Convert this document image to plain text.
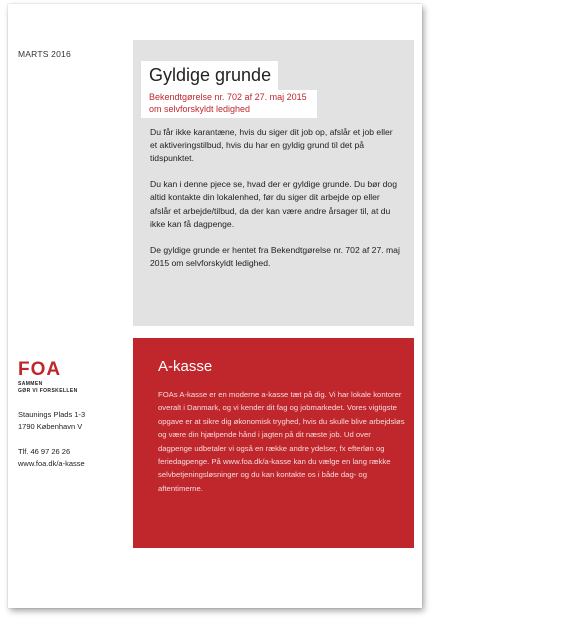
MARTS 2016
Gyldige grunde
Bekendtgørelse nr. 702 af 27. maj 2015
om selvforskyldt ledighed

Du får ikke karantæne, hvis du siger dit job op, afslår et job eller et aktiveringstilbud, hvis du har en gyldig grund til det på tidspunktet.

Du kan i denne pjece se, hvad der er gyldige grunde. Du bør dog altid kontakte din lokalenhed, før du siger dit arbejde op eller afslår et arbejde/tilbud, da der kan være andre årsager til, at du ikke kan få dagpenge.

De gyldige grunde er hentet fra Bekendtgørelse nr. 702 af 27. maj 2015 om selvforskyldt ledighed.

A-kasse
FOAs A-kasse er en moderne a-kasse tæt på dig. Vi har lokale kontorer overalt i Danmark, og vi kender dit fag og jobmarkedet. Vores vigtigste opgave er at sikre dig økonomisk tryghed, hvis du skulle blive arbejdsløs og være din hjælpende hånd i jagten på dit næste job. Ud over dagpenge udbetaler vi også en række andre ydelser, fx efterløn og feriedagpenge. På www.foa.dk/a-kasse kan du vælge en lang række selvbetjeningsløsninger og du kan kontakte os i både dag- og aftentimerne.
FOA
SAMMEN
GØR VI FORSKELLEN
Staunings Plads 1-3
1790 København V
Tlf. 46 97 26 26
www.foa.dk/a-kasse
